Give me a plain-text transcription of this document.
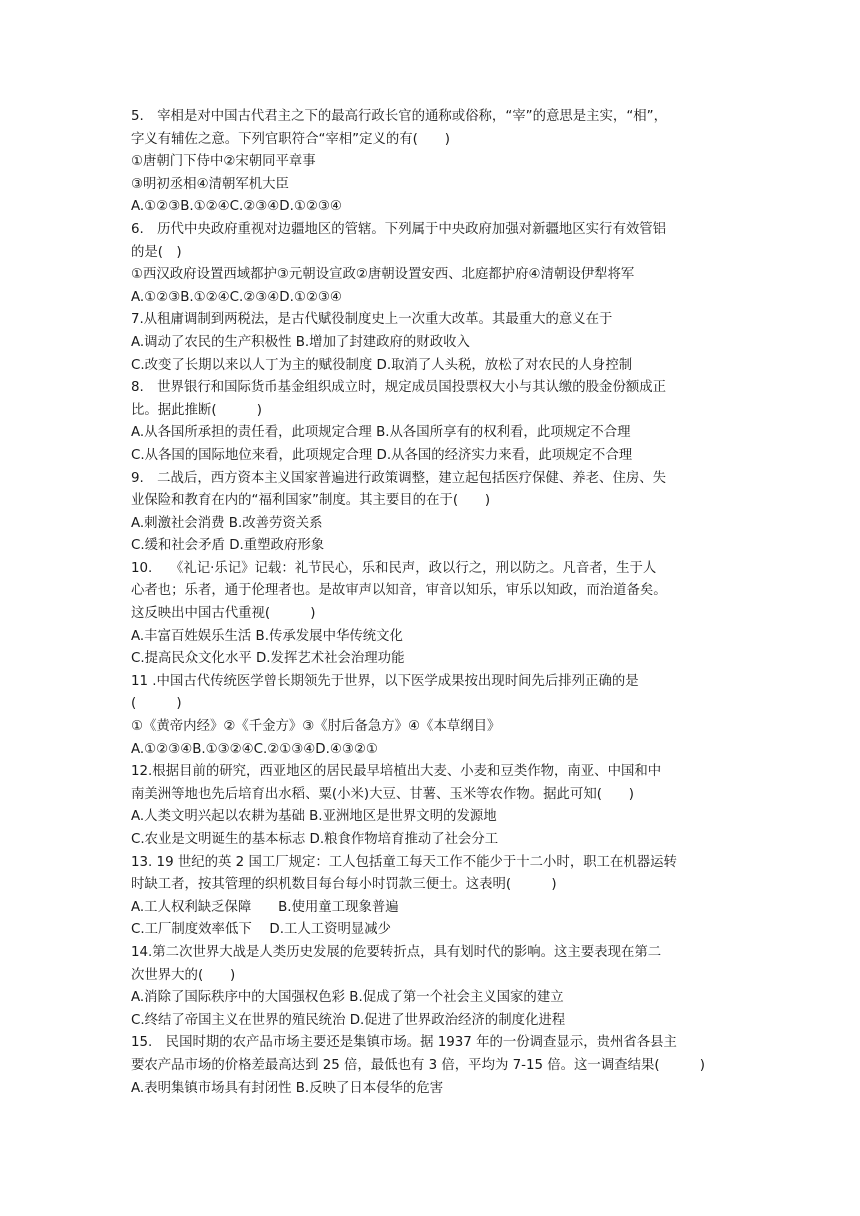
5.　宰相是对中国古代君主之下的最高行政长官的通称或俗称，“宰”的意思是主实，“相”，
字义有辅佐之意。下列官职符合“宰相”定义的有(　　)
①唐朝门下侍中②宋朝同平章事
③明初丞相④清朝军机大臣
A.①②③B.①②④C.②③④D.①②③④
6.　历代中央政府重视对边疆地区的管辖。下列属于中央政府加强对新疆地区实行有效管铝
的是(　)
①西汉政府设置西域都护③元朝设宣政②唐朝设置安西、北庭都护府④清朝设伊犁将军
A.①②③B.①②④C.②③④D.①②③④
7.从租庸调制到两税法，是古代赋役制度史上一次重大改革。其最重大的意义在于
A.调动了农民的生产积极性 B.增加了封建政府的财政收入
C.改变了长期以来以人丁为主的赋役制度 D.取消了人头税，放松了对农民的人身控制
8.　世界银行和国际货币基金组织成立时，规定成员国投票权大小与其认缴的股金份额成正
比。据此推断(　　　)
A.从各国所承担的责任看，此项规定合理 B.从各国所享有的权利看，此项规定不合理
C.从各国的国际地位来看，此项规定合理 D.从各国的经济实力来看，此项规定不合理
9.　二战后，西方资本主义国家普遍进行政策调整，建立起包括医疗保健、养老、住房、失
业保险和教育在内的“福利国家”制度。其主要目的在于(　　)
A.刺激社会消费 B.改善劳资关系
C.缓和社会矛盾 D.重塑政府形象
10.　 《礼记·乐记》记载：礼节民心，乐和民声，政以行之，刑以防之。凡音者，生于人
心者也；乐者，通于伦理者也。是故审声以知音，审音以知乐，审乐以知政，而治道备矣。
这反映出中国古代重视(　　　)
A.丰富百姓娱乐生活 B.传承发展中华传统文化
C.提高民众文化水平 D.发挥艺术社会治理功能
11 .中国古代传统医学曾长期领先于世界，以下医学成果按出现时间先后排列正确的是
(　　　)
①《黄帝内经》②《千金方》③《肘后备急方》④《本草纲目》
A.①②③④B.①③②④C.②①③④D.④③②①
12.根据目前的研究，西亚地区的居民最早培植出大麦、小麦和豆类作物，南亚、中国和中
南美洲等地也先后培育出水稻、粟(小米)大豆、甘薯、玉米等农作物。据此可知(　　)
A.人类文明兴起以农耕为基础 B.亚洲地区是世界文明的发源地
C.农业是文明诞生的基本标志 D.粮食作物培育推动了社会分工
13. 19 世纪的英 2 国工厂规定：工人包括童工每天工作不能少于十二小时，职工在机器运转
时缺工者，按其管理的织机数目每台每小时罚款三便士。这表明(　　　)
A.工人权利缺乏保障　　B.使用童工现象普遍
C.工厂制度效率低下　 D.工人工资明显减少
14.第二次世界大战是人类历史发展的危要转折点，具有划时代的影响。这主要表现在第二
次世界大的(　　)
A.消除了国际秩序中的大国强权色彩 B.促成了第一个社会主义国家的建立
C.终结了帝国主义在世界的殖民统治 D.促进了世界政治经济的制度化进程
15.　民国时期的农产品市场主要还是集镇市场。据 1937 年的一份调查显示，贵州省各县主
要农产品市场的价格差最高达到 25 倍，最低也有 3 倍，平均为 7-15 倍。这一调查结果(　　　)
A.表明集镇市场具有封闭性 B.反映了日本侵华的危害
